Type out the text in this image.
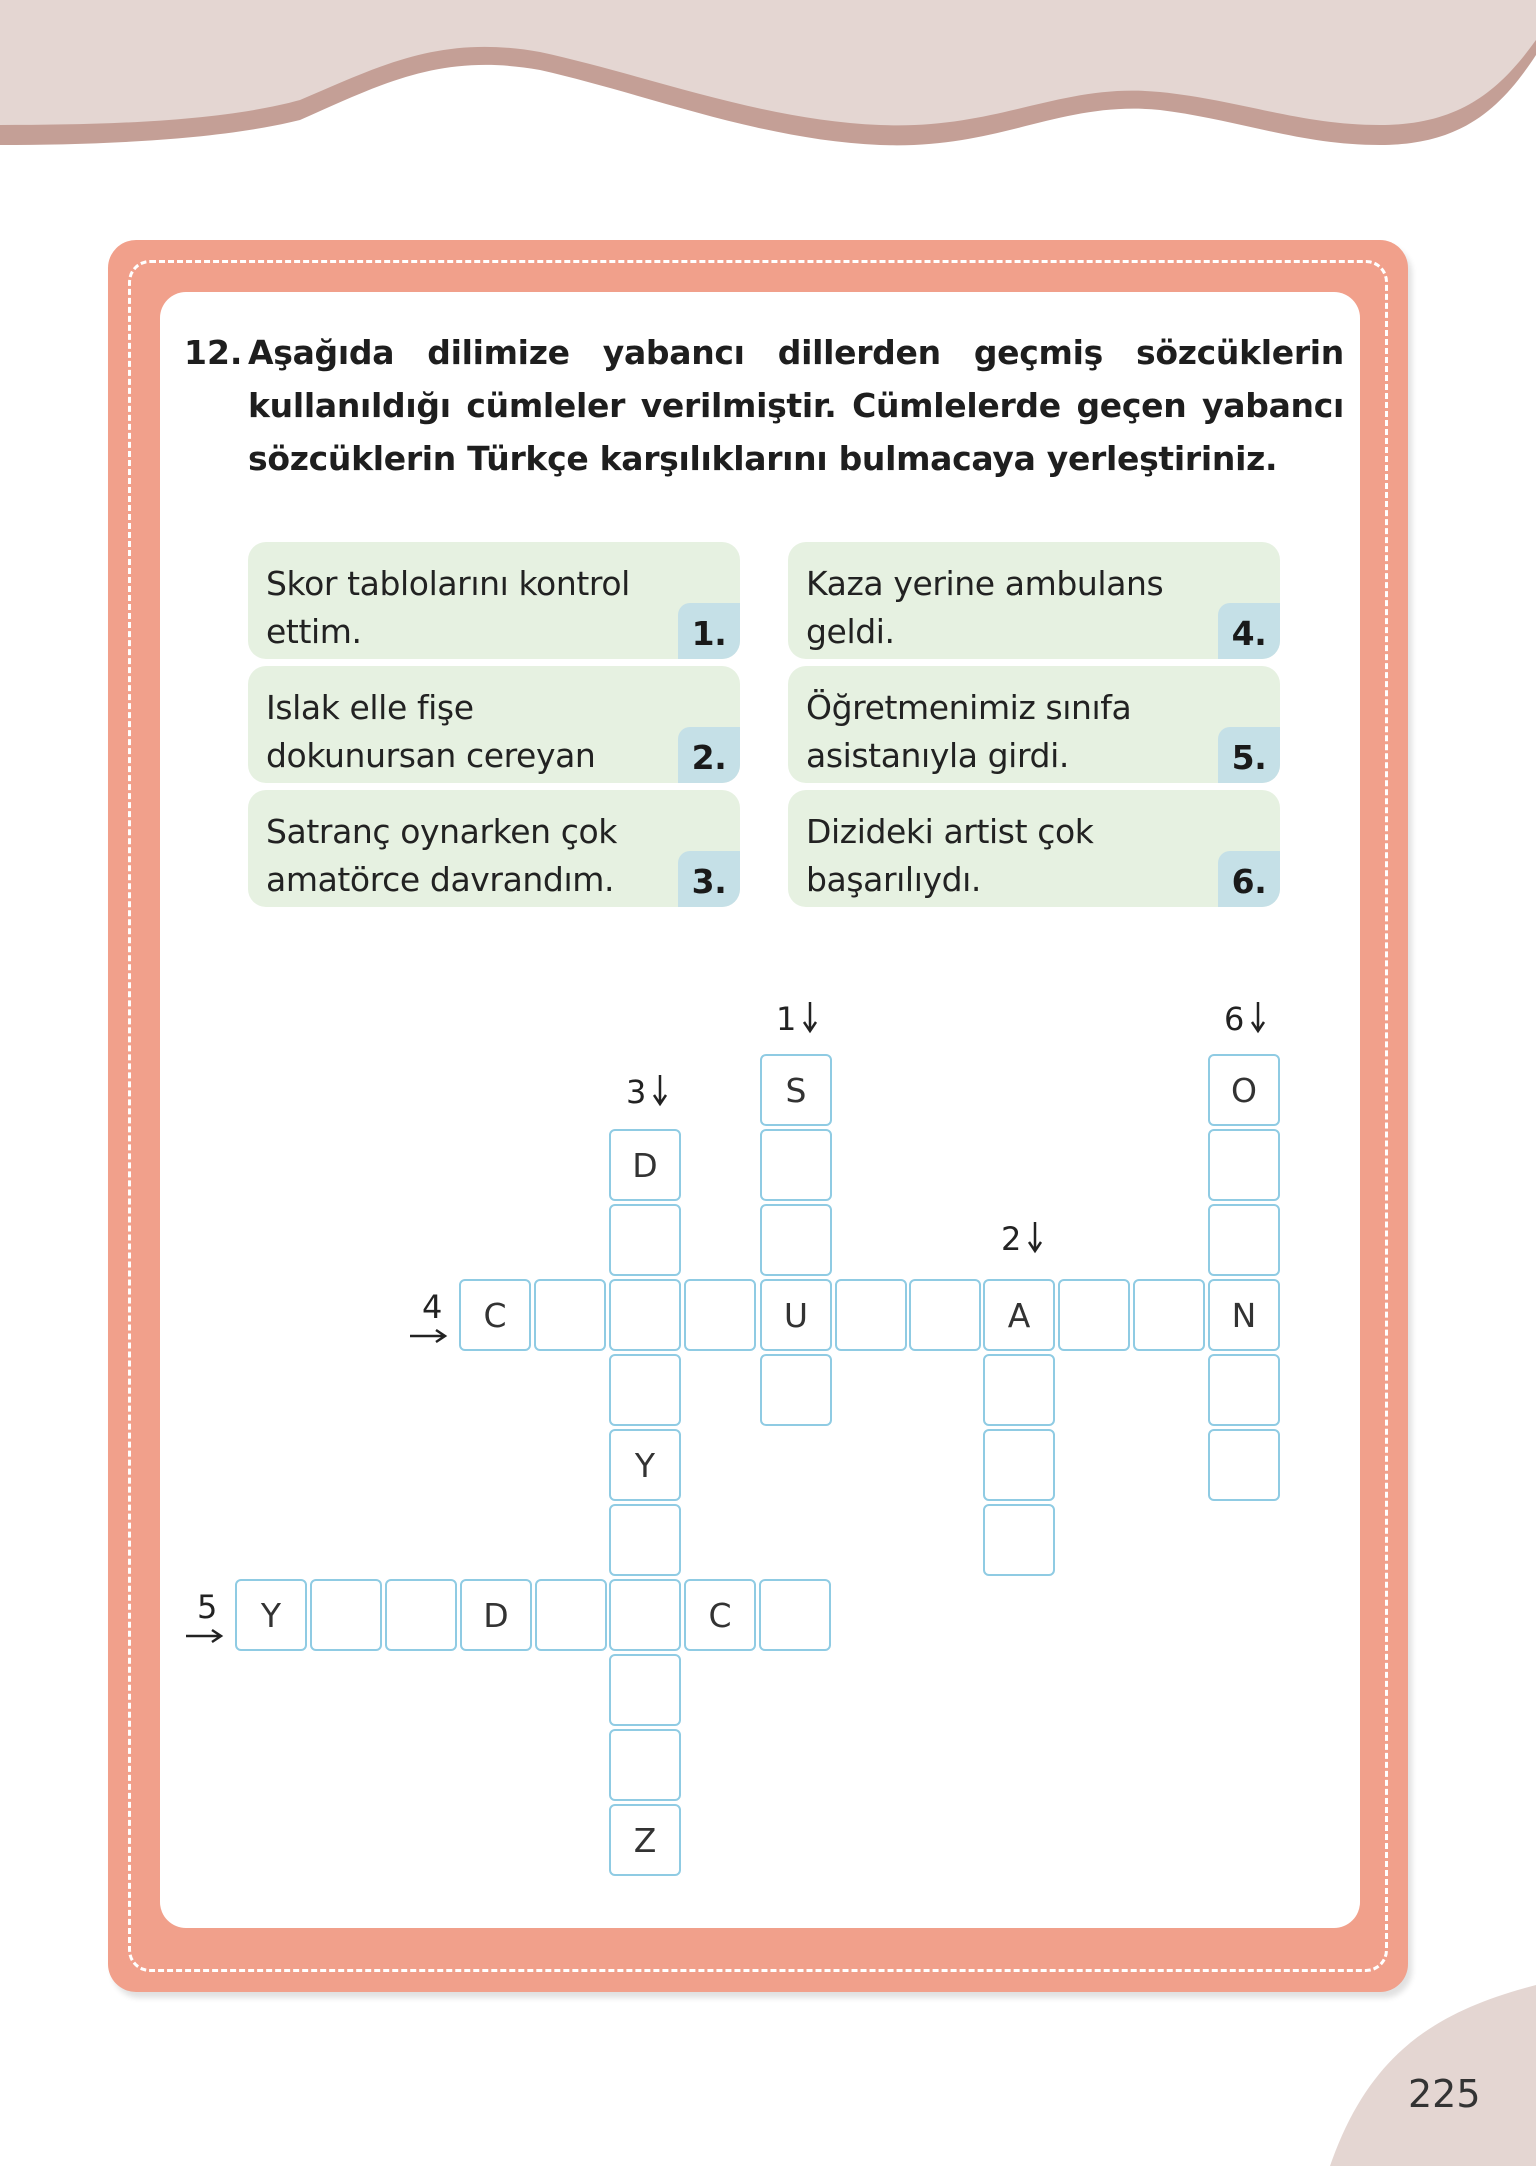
12. Aşağıda dilimize yabancı dillerden geçmiş sözcüklerin kullanıldığı cümleler verilmiştir. Cümlelerde geçen yabancı sözcüklerin Türkçe karşılıklarını bulmacaya yerleştiriniz.
Skor tablolarını kontrol ettim.	1.
Islak elle fişe dokunursan cereyan	2.
Satranç oynarken çok amatörce davrandım.	3.
Kaza yerine ambulans geldi.	4.
Öğretmenimiz sınıfa asistanıyla girdi.	5.
Dizideki artist çok başarılıydı.	6.
1	6
3
2
4
5
S	O
D
Y
Z
C	U	A	N
Y	D	C
225
